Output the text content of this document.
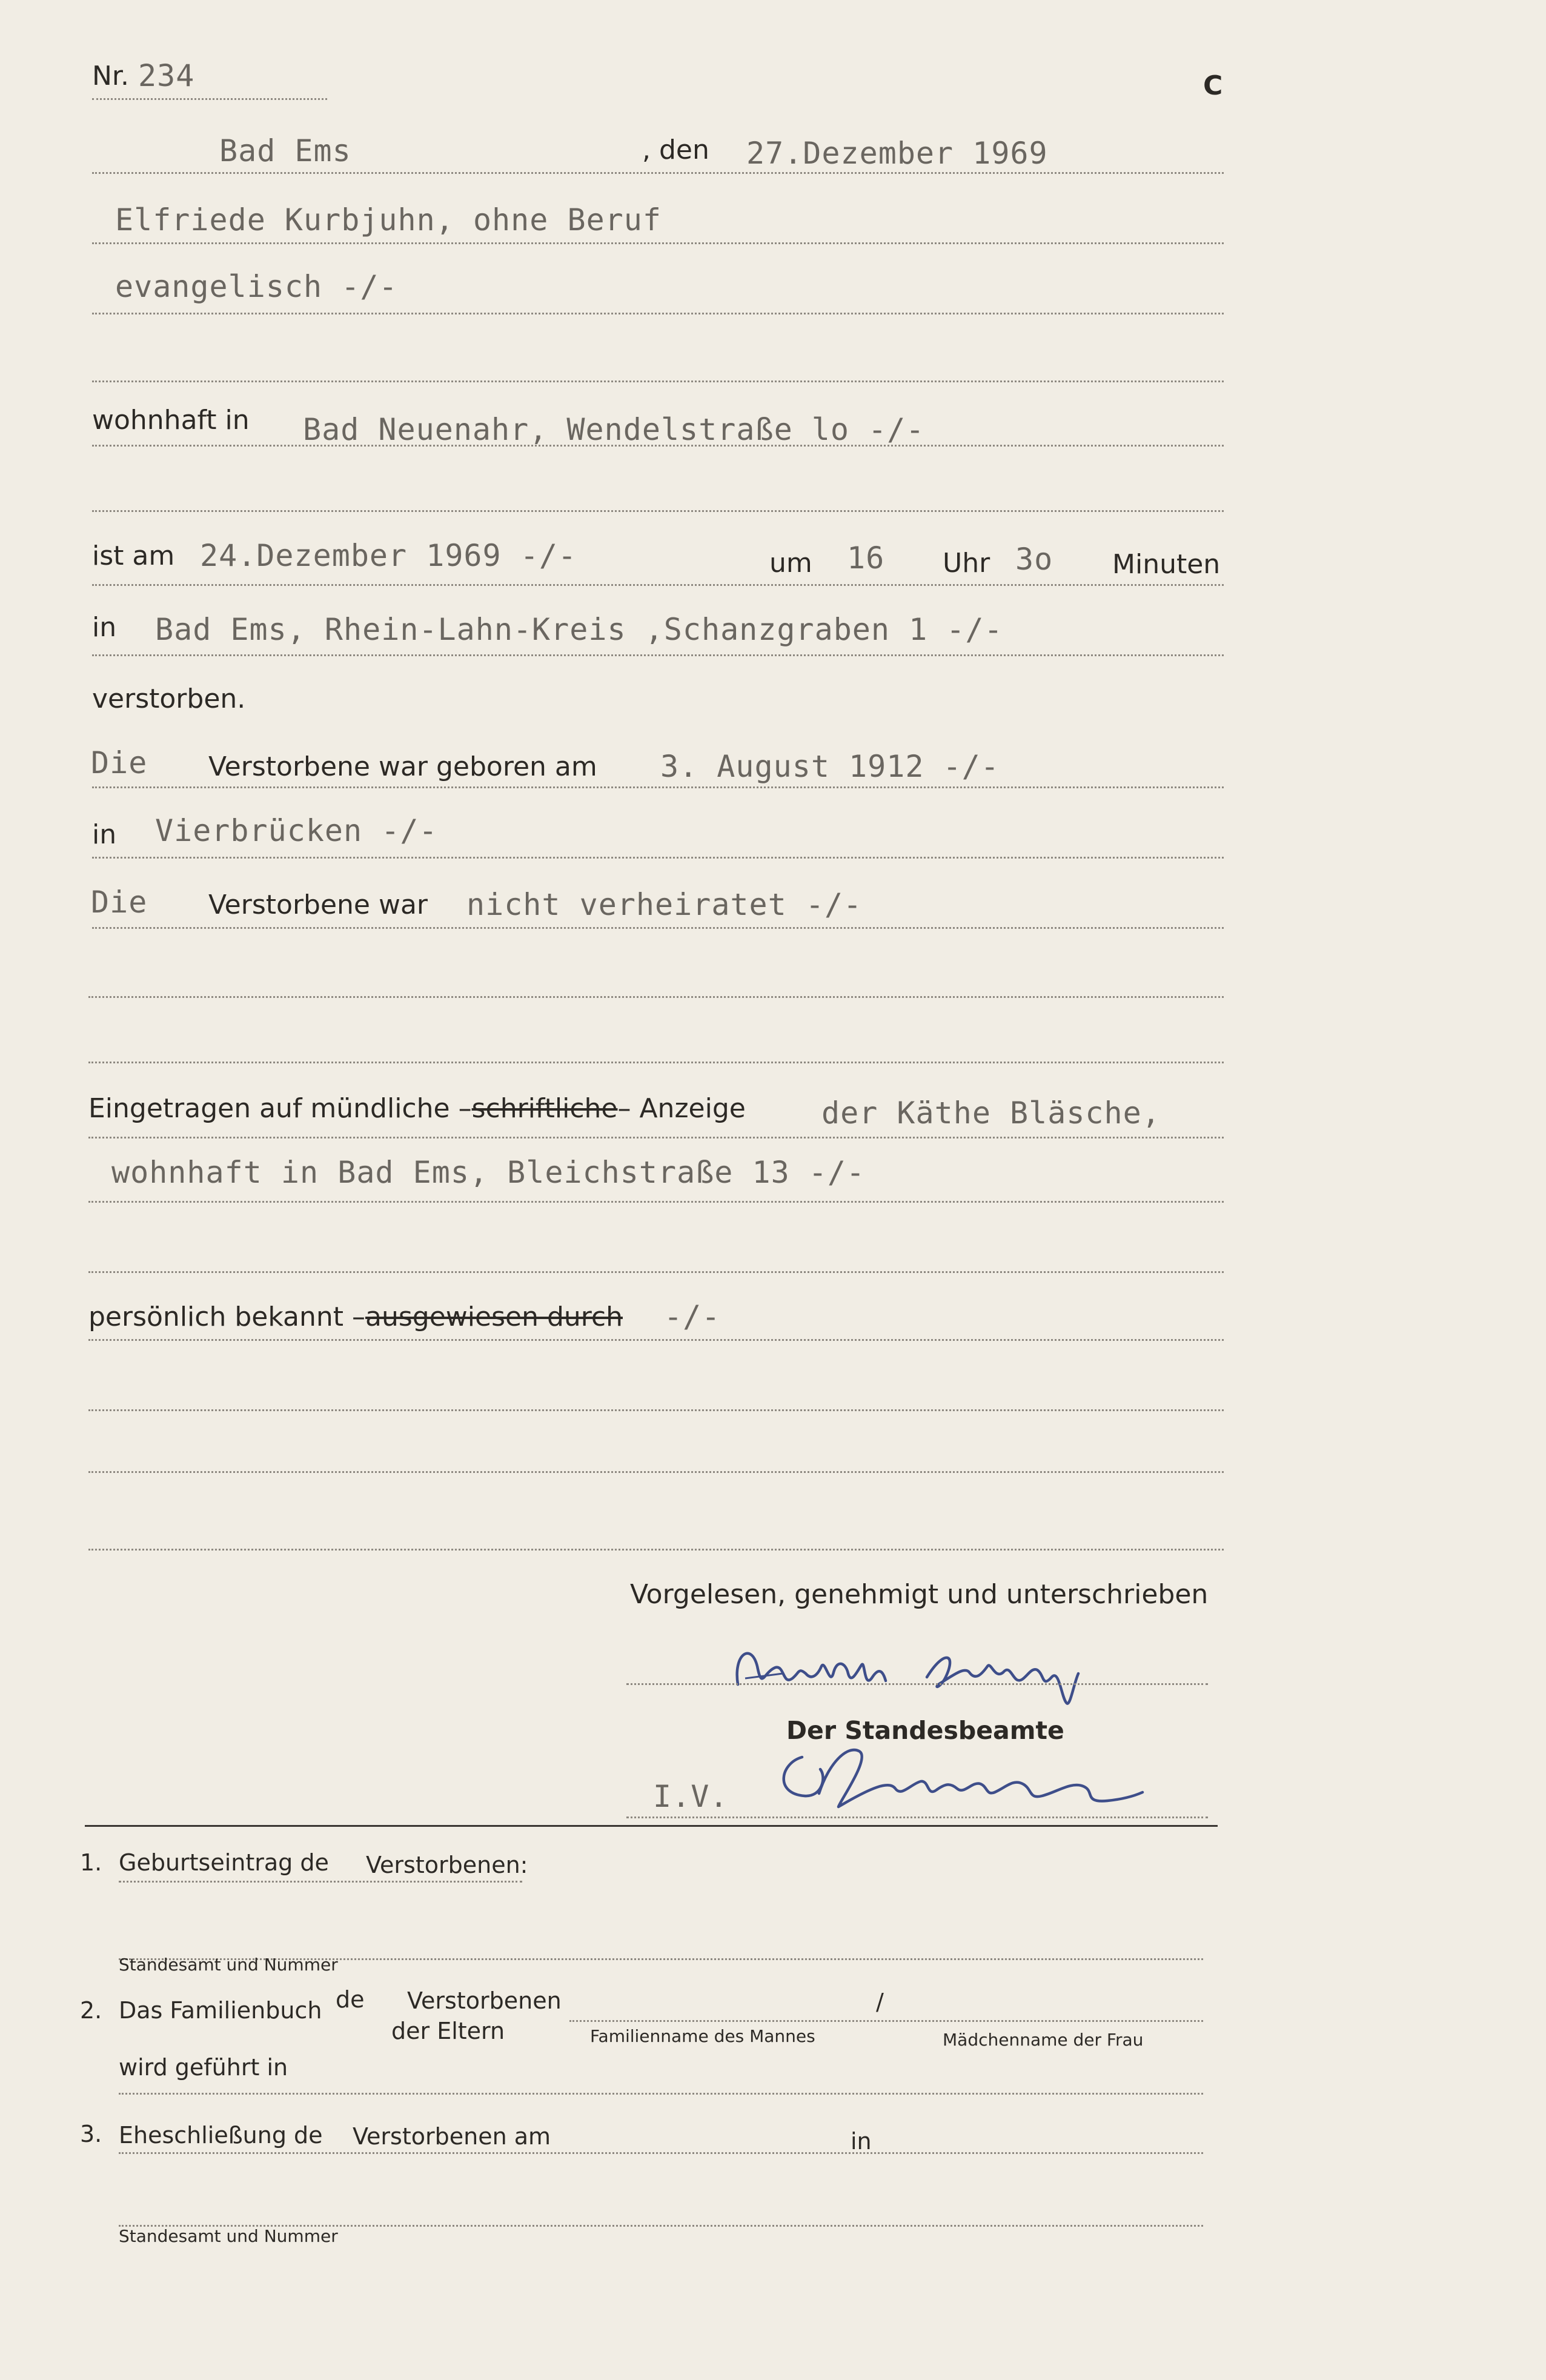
Nr. 234	C
Bad Ems	, den 27.Dezember 1969
Elfriede Kurbjuhn, ohne Beruf
evangelisch -/-
wohnhaft in Bad Neuenahr, Wendelstraße lo -/-
ist am 24.Dezember 1969 -/-	um 16 Uhr 3o Minuten
in Bad Ems, Rhein-Lahn-Kreis ,Schanzgraben 1 -/-
verstorben.
Die Verstorbene war geboren am 3. August 1912 -/-
in Vierbrücken -/-
Die Verstorbene war nicht verheiratet -/-
Eingetragen auf mündliche –schriftliche– Anzeige	der Käthe Bläsche,
wohnhaft in Bad Ems, Bleichstraße 13 -/-
persönlich bekannt –ausgewiesen durch -/-
Vorgelesen, genehmigt und unterschrieben
Der Standesbeamte
I.V.
1. Geburtseintrag de Verstorbenen:
Standesamt und Nummer
2. Das Familienbuch de Verstorbenen	/
der Eltern	Familienname des Mannes	Mädchenname der Frau
wird geführt in
3. Eheschließung de Verstorbenen am	in
Standesamt und Nummer
